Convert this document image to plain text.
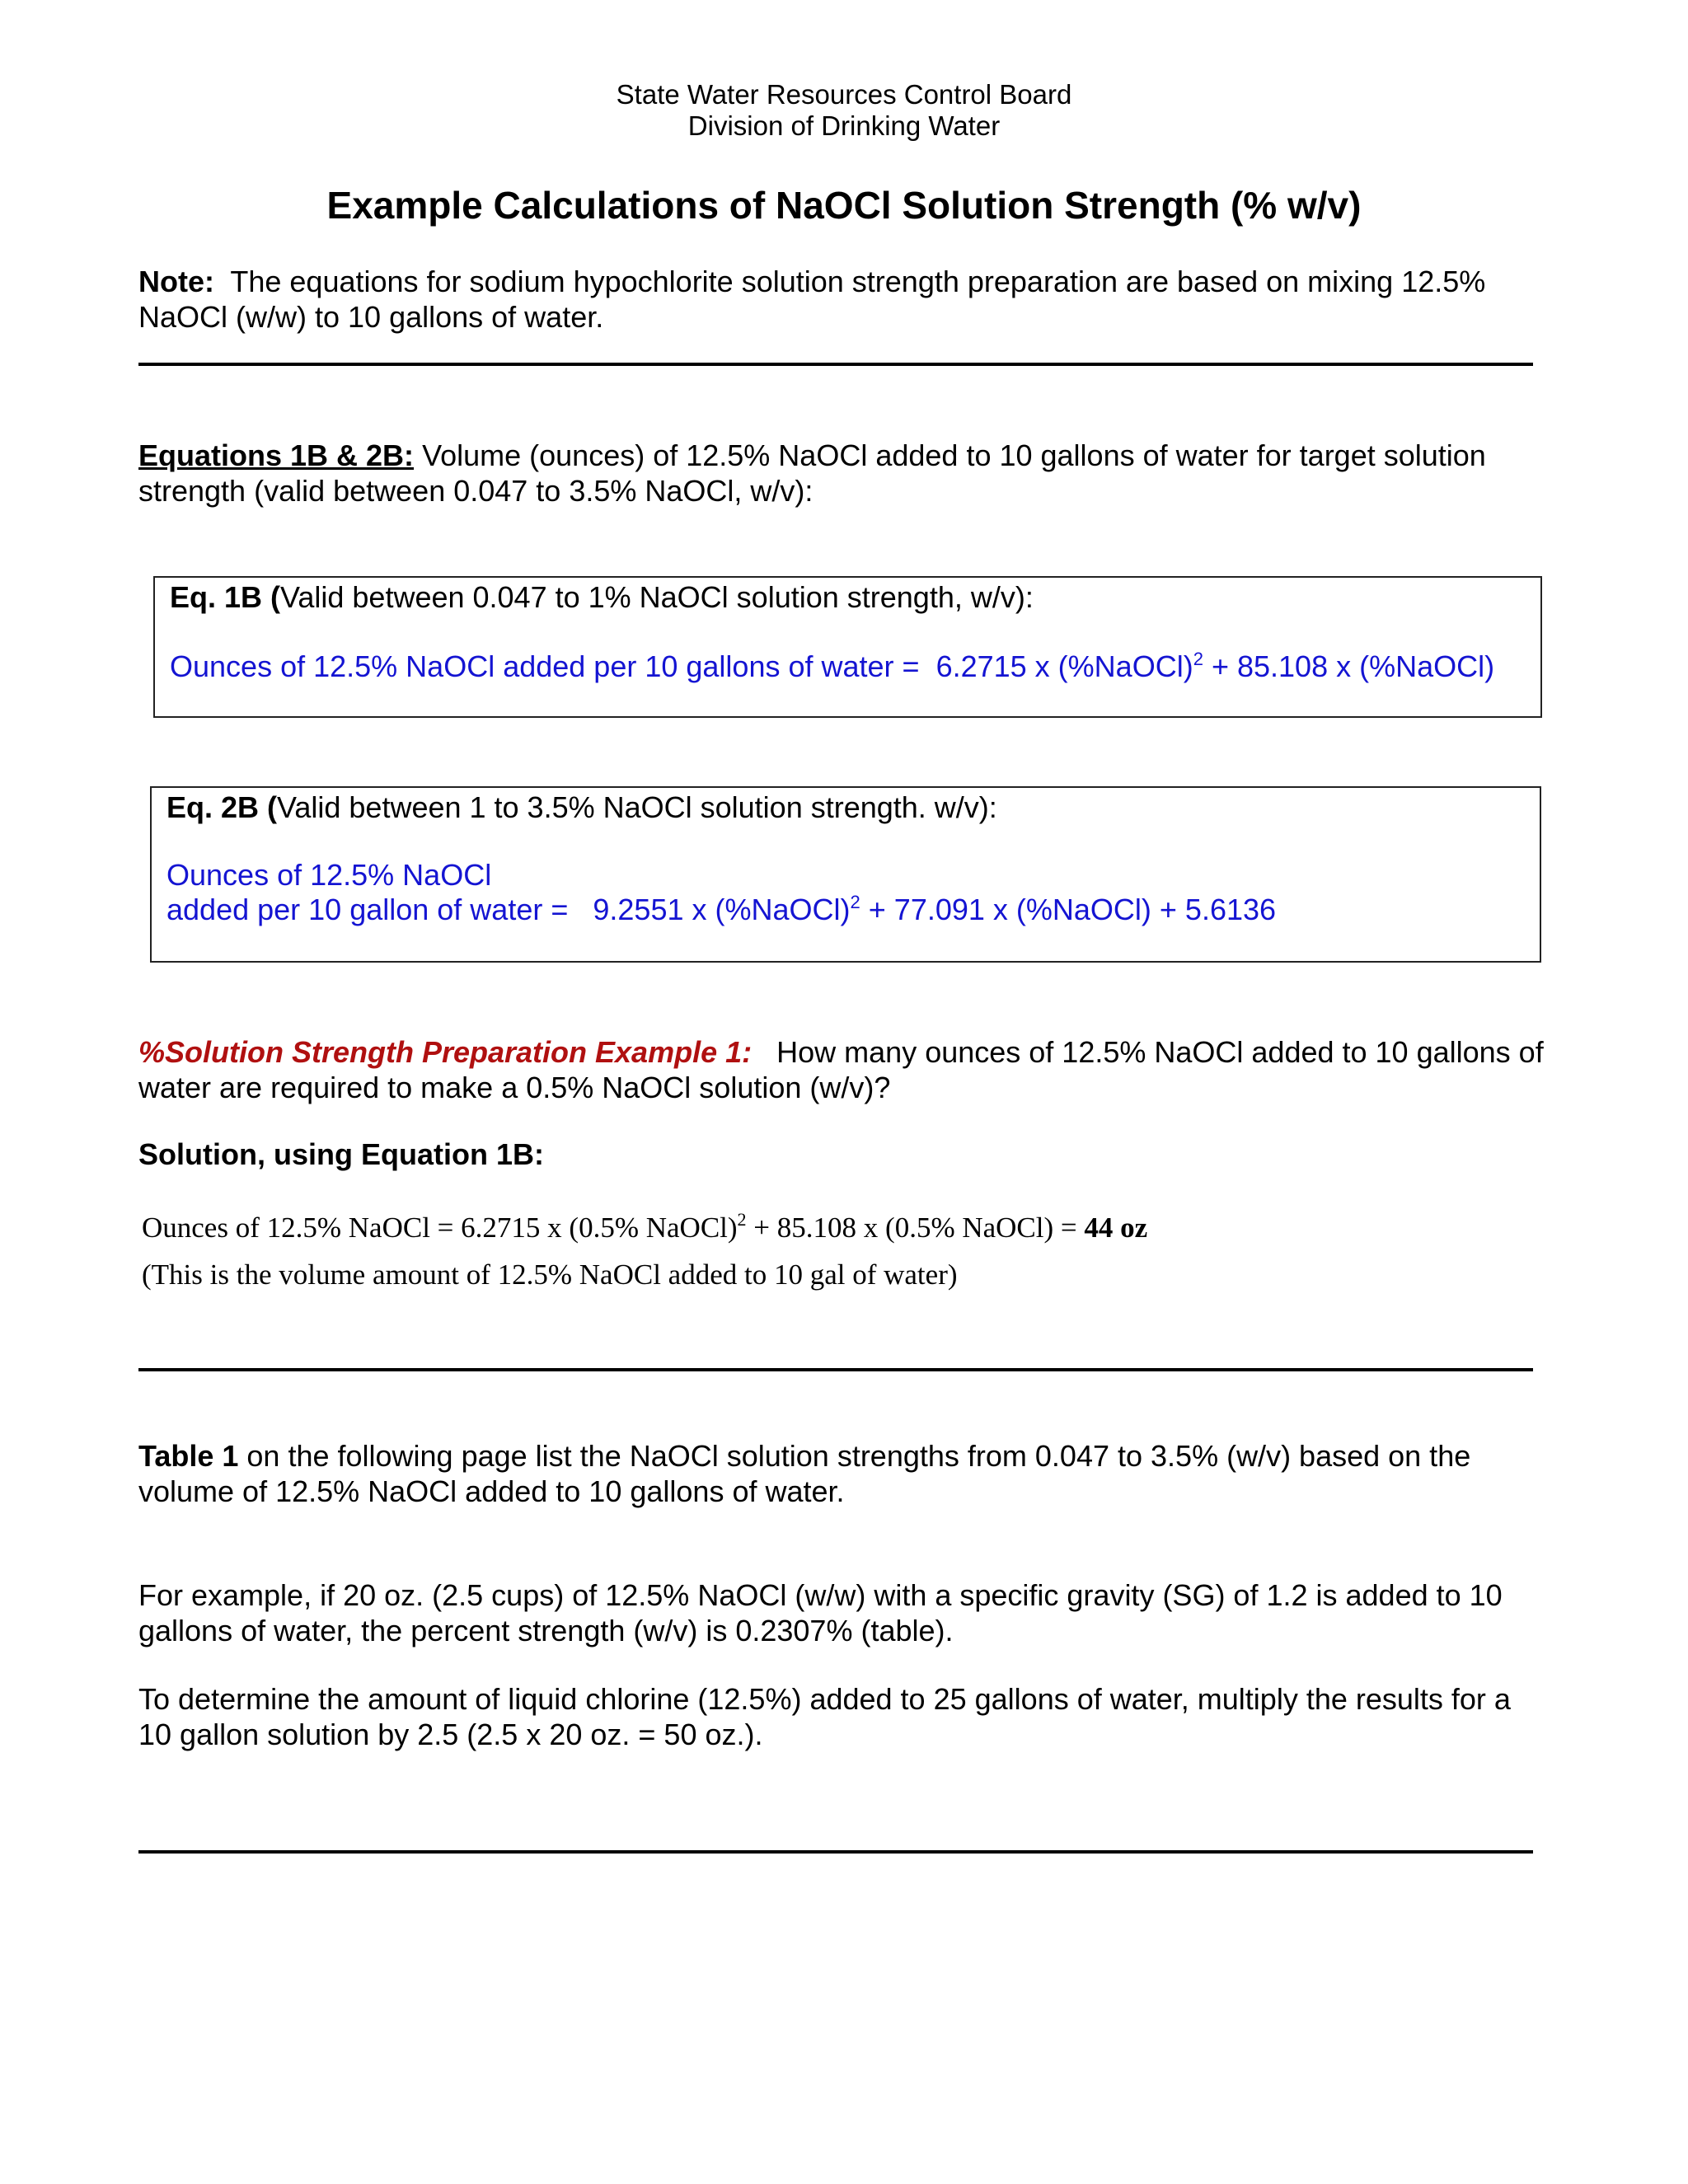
State Water Resources Control Board
Division of Drinking Water
Example Calculations of NaOCl Solution Strength (% w/v)
Note: The equations for sodium hypochlorite solution strength preparation are based on mixing 12.5% NaOCl (w/w) to 10 gallons of water.
Equations 1B & 2B: Volume (ounces) of 12.5% NaOCl added to 10 gallons of water for target solution strength (valid between 0.047 to 3.5% NaOCl, w/v):
Eq. 1B (Valid between 0.047 to 1% NaOCl solution strength, w/v):
Ounces of 12.5% NaOCl added per 10 gallons of water = 6.2715 x (%NaOCl)$^2$ + 85.108 x (%NaOCl)
Eq. 2B (Valid between 1 to 3.5% NaOCl solution strength. w/v):
Ounces of 12.5% NaOCl
added per 10 gallon of water = 9.2551 x (%NaOCl)$^2$ + 77.091 x (%NaOCl) + 5.6136
%Solution Strength Preparation Example 1: How many ounces of 12.5% NaOCl added to 10 gallons of water are required to make a 0.5% NaOCl solution (w/v)?
Solution, using Equation 1B:
Ounces of 12.5% NaOCl = 6.2715 x (0.5% NaOCl)$^2$ + 85.108 x (0.5% NaOCl) = 44 oz
(This is the volume amount of 12.5% NaOCl added to 10 gal of water)
Table 1 on the following page list the NaOCl solution strengths from 0.047 to 3.5% (w/v) based on the volume of 12.5% NaOCl added to 10 gallons of water.
For example, if 20 oz. (2.5 cups) of 12.5% NaOCl (w/w) with a specific gravity (SG) of 1.2 is added to 10 gallons of water, the percent strength (w/v) is 0.2307% (table).
To determine the amount of liquid chlorine (12.5%) added to 25 gallons of water, multiply the results for a 10 gallon solution by 2.5 (2.5 x 20 oz. = 50 oz.).
